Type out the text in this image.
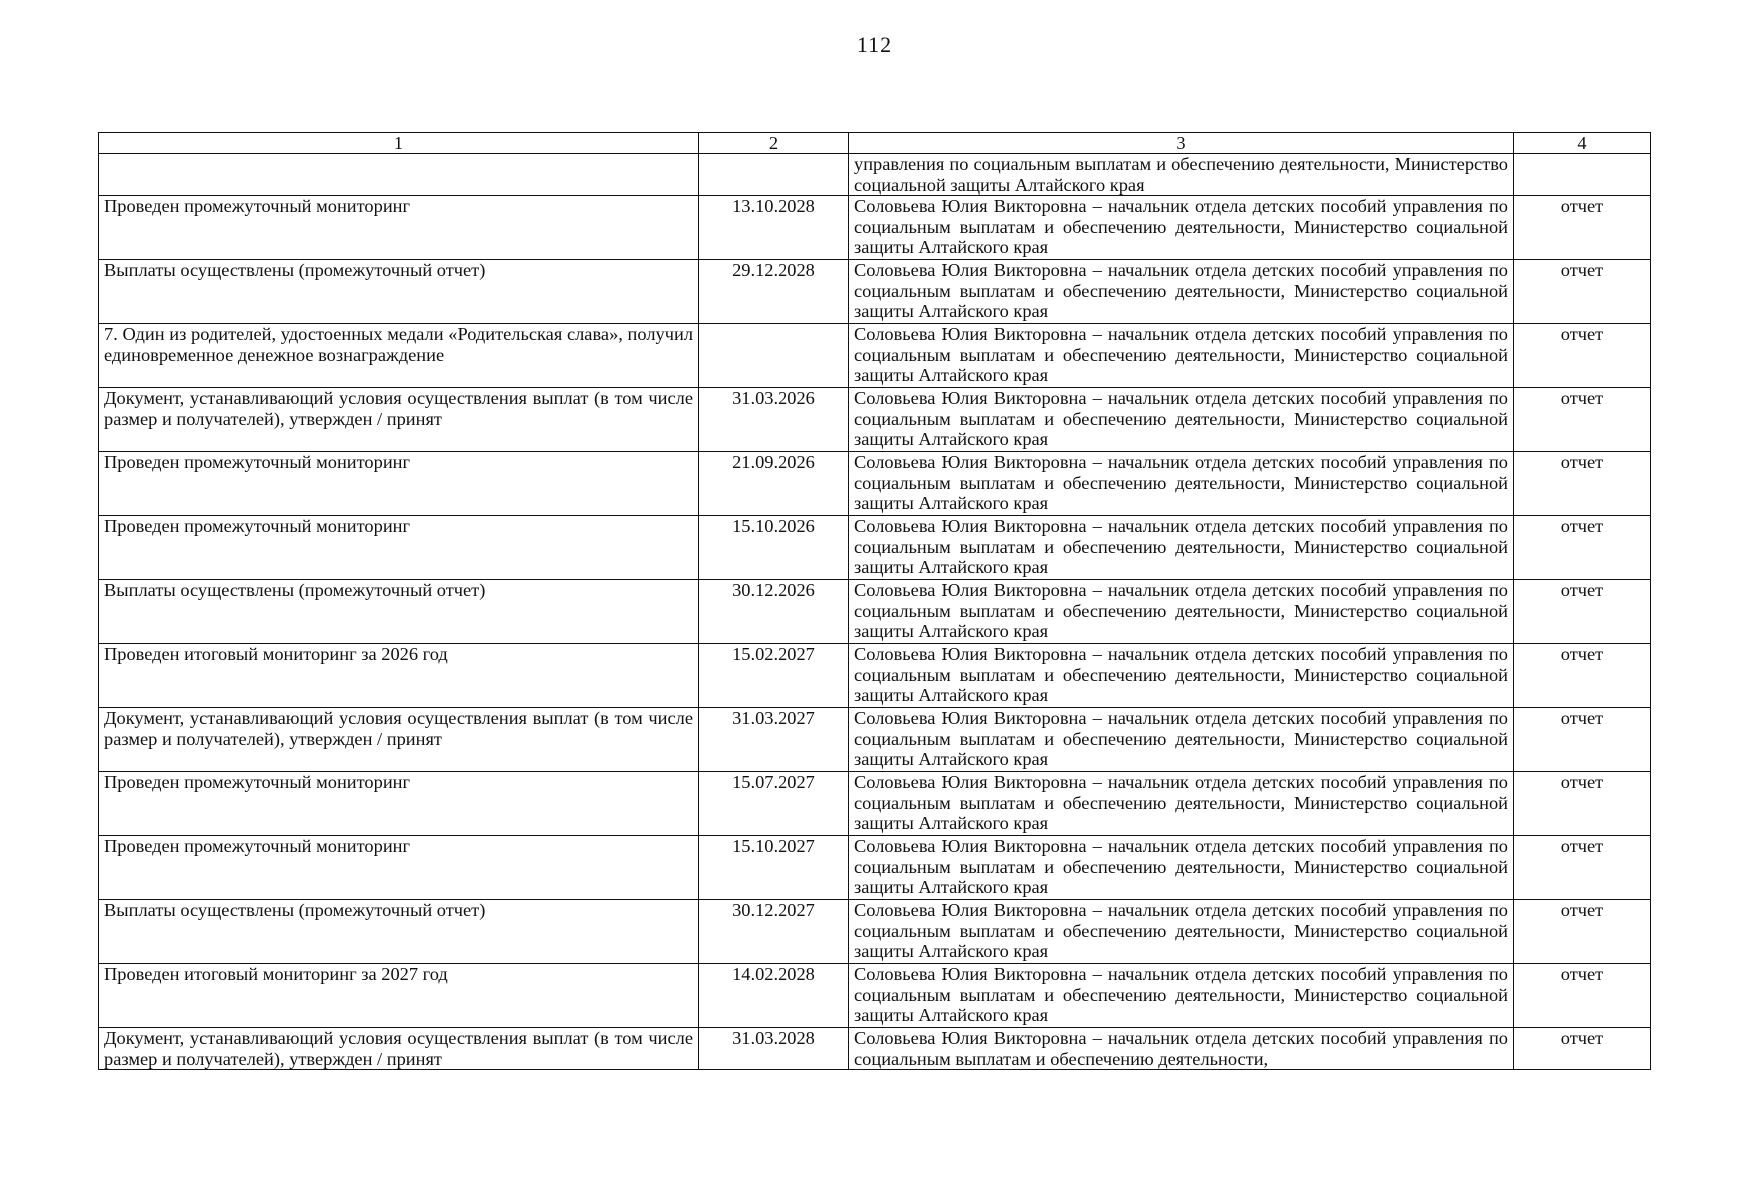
112
1	2	3	4
		управления по социальным выплатам и обеспечению деятельности, Министерство социальной защиты Алтайского края	
Проведен промежуточный мониторинг	13.10.2028	Соловьева Юлия Викторовна – начальник отдела детских пособий управления по социальным выплатам и обеспечению деятельности, Министерство социальной защиты Алтайского края	отчет
Выплаты осуществлены (промежуточный отчет)	29.12.2028	Соловьева Юлия Викторовна – начальник отдела детских пособий управления по социальным выплатам и обеспечению деятельности, Министерство социальной защиты Алтайского края	отчет
7. Один из родителей, удостоенных медали «Родительская слава», получил единовременное денежное вознаграждение		Соловьева Юлия Викторовна – начальник отдела детских пособий управления по социальным выплатам и обеспечению деятельности, Министерство социальной защиты Алтайского края	отчет
Документ, устанавливающий условия осуществления выплат (в том числе размер и получателей), утвержден / принят	31.03.2026	Соловьева Юлия Викторовна – начальник отдела детских пособий управления по социальным выплатам и обеспечению деятельности, Министерство социальной защиты Алтайского края	отчет
Проведен промежуточный мониторинг	21.09.2026	Соловьева Юлия Викторовна – начальник отдела детских пособий управления по социальным выплатам и обеспечению деятельности, Министерство социальной защиты Алтайского края	отчет
Проведен промежуточный мониторинг	15.10.2026	Соловьева Юлия Викторовна – начальник отдела детских пособий управления по социальным выплатам и обеспечению деятельности, Министерство социальной защиты Алтайского края	отчет
Выплаты осуществлены (промежуточный отчет)	30.12.2026	Соловьева Юлия Викторовна – начальник отдела детских пособий управления по социальным выплатам и обеспечению деятельности, Министерство социальной защиты Алтайского края	отчет
Проведен итоговый мониторинг за 2026 год	15.02.2027	Соловьева Юлия Викторовна – начальник отдела детских пособий управления по социальным выплатам и обеспечению деятельности, Министерство социальной защиты Алтайского края	отчет
Документ, устанавливающий условия осуществления выплат (в том числе размер и получателей), утвержден / принят	31.03.2027	Соловьева Юлия Викторовна – начальник отдела детских пособий управления по социальным выплатам и обеспечению деятельности, Министерство социальной защиты Алтайского края	отчет
Проведен промежуточный мониторинг	15.07.2027	Соловьева Юлия Викторовна – начальник отдела детских пособий управления по социальным выплатам и обеспечению деятельности, Министерство социальной защиты Алтайского края	отчет
Проведен промежуточный мониторинг	15.10.2027	Соловьева Юлия Викторовна – начальник отдела детских пособий управления по социальным выплатам и обеспечению деятельности, Министерство социальной защиты Алтайского края	отчет
Выплаты осуществлены (промежуточный отчет)	30.12.2027	Соловьева Юлия Викторовна – начальник отдела детских пособий управления по социальным выплатам и обеспечению деятельности, Министерство социальной защиты Алтайского края	отчет
Проведен итоговый мониторинг за 2027 год	14.02.2028	Соловьева Юлия Викторовна – начальник отдела детских пособий управления по социальным выплатам и обеспечению деятельности, Министерство социальной защиты Алтайского края	отчет
Документ, устанавливающий условия осуществления выплат (в том числе размер и получателей), утвержден / принят	31.03.2028	Соловьева Юлия Викторовна – начальник отдела детских пособий управления по социальным выплатам и обеспечению деятельности,	отчет
